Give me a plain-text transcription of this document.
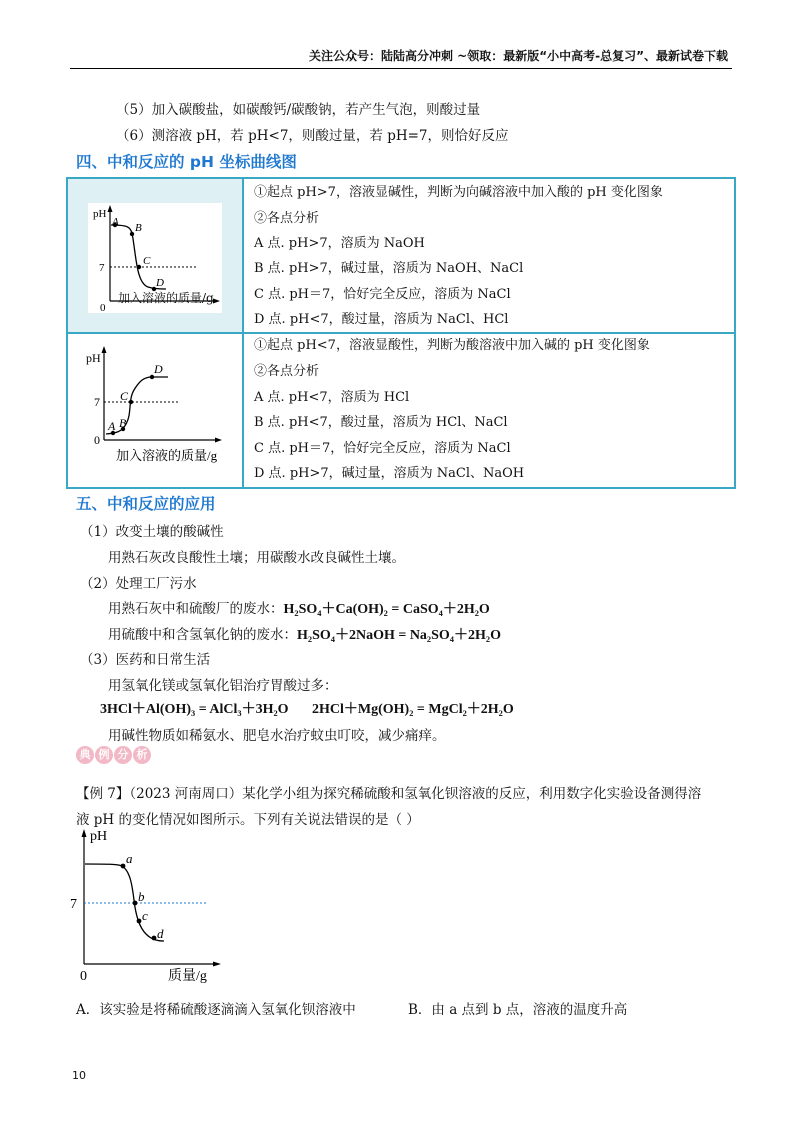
关注公众号：陆陆高分冲刺 ~领取：最新版“小中高考-总复习”、最新试卷下载
（5）加入碳酸盐，如碳酸钙/碳酸钠，若产生气泡，则酸过量
（6）测溶液 pH，若 pH<7，则酸过量，若 pH=7，则恰好反应
四、中和反应的 pH 坐标曲线图
pH
7
0
A B
C
D
加入溶液的质量/g
①起点 pH>7，溶液显碱性，判断为向碱溶液中加入酸的 pH 变化图象
②各点分析
A 点. pH>7，溶质为 NaOH
B 点. pH>7，碱过量，溶质为 NaOH、NaCl
C 点. pH＝7，恰好完全反应，溶质为 NaCl
D 点. pH<7，酸过量，溶质为 NaCl、HCl
pH
7
0
A B
C
D
加入溶液的质量/g
①起点 pH<7，溶液显酸性，判断为酸溶液中加入碱的 pH 变化图象
②各点分析
A 点. pH<7，溶质为 HCl
B 点. pH<7，酸过量，溶质为 HCl、NaCl
C 点. pH＝7，恰好完全反应，溶质为 NaCl
D 点. pH>7，碱过量，溶质为 NaCl、NaOH
五、中和反应的应用
（1）改变土壤的酸碱性
用熟石灰改良酸性土壤；用碳酸水改良碱性土壤。
（2）处理工厂污水
用熟石灰中和硫酸厂的废水：H₂SO₄＋Ca(OH)₂ = CaSO₄＋2H₂O
用硫酸中和含氢氧化钠的废水：H₂SO₄＋2NaOH = Na₂SO₄＋2H₂O
（3）医药和日常生活
用氢氧化镁或氢氧化铝治疗胃酸过多：
3HCl＋Al(OH)₃ = AlCl₃＋3H₂O 2HCl＋Mg(OH)₂ = MgCl₂＋2H₂O
用碱性物质如稀氨水、肥皂水治疗蚊虫叮咬，减少痛痒。
典 例 分 析
【例 7】（2023 河南周口）某化学小组为探究稀硫酸和氢氧化钡溶液的反应，利用数字化实验设备测得溶
液 pH 的变化情况如图所示。下列有关说法错误的是（ ）
pH
7
0
a
b
c
d
质量/g
A．该实验是将稀硫酸逐滴滴入氢氧化钡溶液中	B．由 a 点到 b 点，溶液的温度升高
10
